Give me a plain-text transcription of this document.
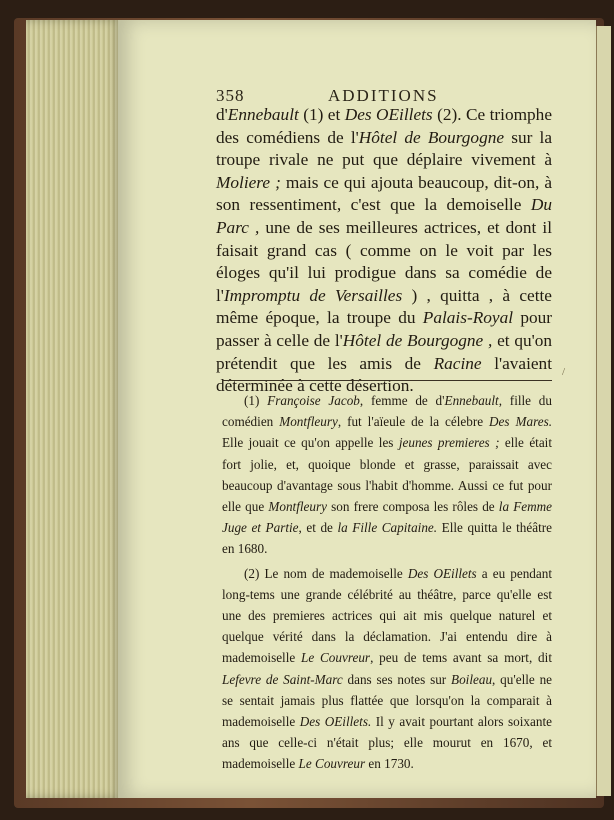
358	ADDITIONS

d'Ennebault (1) et Des OEillets (2). Ce triomphe des comédiens de l'Hôtel de Bourgogne sur la troupe rivale ne put que déplaire vivement à Moliere ; mais ce qui ajouta beaucoup, dit-on, à son ressentiment, c'est que la demoiselle Du Parc , une de ses meilleures actrices, et dont il faisait grand cas ( comme on le voit par les éloges qu'il lui prodigue dans sa comédie de l'Impromptu de Versailles ) , quitta , à cette même époque, la troupe du Palais-Royal pour passer à celle de l'Hôtel de Bourgogne , et qu'on prétendit que les amis de Racine l'avaient déterminée à cette désertion.

/

(1) Françoise Jacob, femme de d'Ennebault, fille du comédien Montfleury, fut l'aïeule de la célebre Des Mares. Elle jouait ce qu'on appelle les jeunes premieres ; elle était fort jolie, et, quoique blonde et grasse, paraissait avec beaucoup d'avantage sous l'habit d'homme. Aussi ce fut pour elle que Montfleury son frere composa les rôles de la Femme Juge et Partie, et de la Fille Capitaine. Elle quitta le théâtre en 1680.

(2) Le nom de mademoiselle Des OEillets a eu pendant long-tems une grande célébrité au théâtre, parce qu'elle est une des premieres actrices qui ait mis quelque naturel et quelque vérité dans la déclamation. J'ai entendu dire à mademoiselle Le Couvreur, peu de tems avant sa mort, dit Lefevre de Saint-Marc dans ses notes sur Boileau, qu'elle ne se sentait jamais plus flattée que lorsqu'on la comparait à mademoiselle Des OEillets. Il y avait pourtant alors soixante ans que celle-ci n'était plus; elle mourut en 1670, et mademoiselle Le Couvreur en 1730.
